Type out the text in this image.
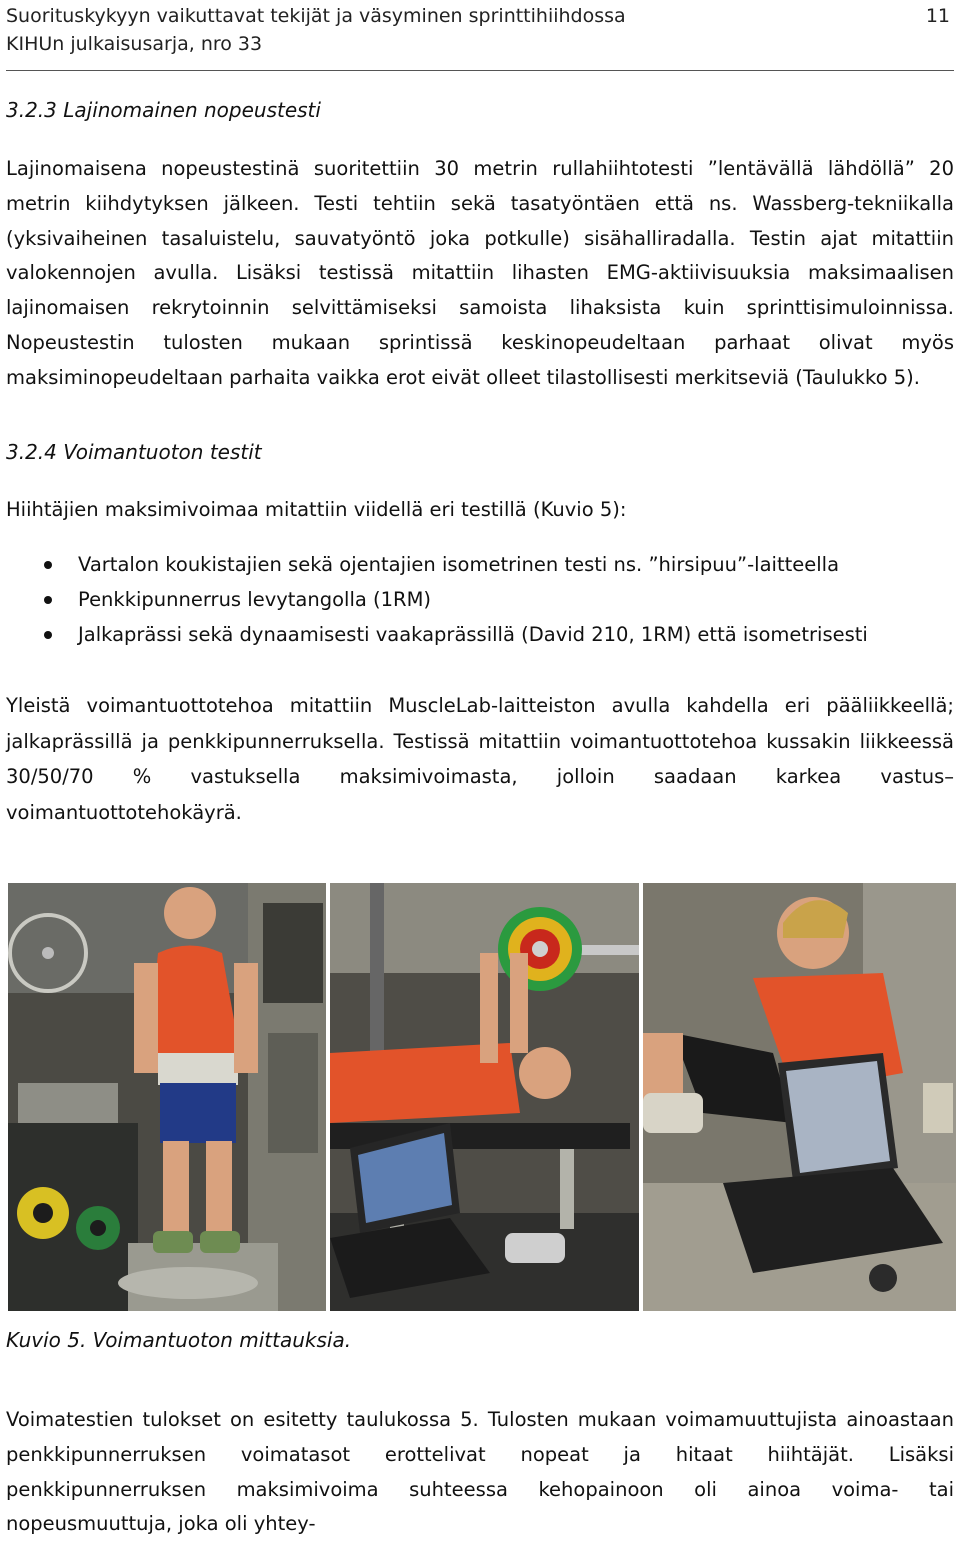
Suorituskykyyn vaikuttavat tekijät ja väsyminen sprinttihiihdossa
KIHUn julkaisusarja, nro 33
11
3.2.3 Lajinomainen nopeustesti

Lajinomaisena nopeustestinä suoritettiin 30 metrin rullahiihtotesti ”lentävällä lähdöllä” 20 metrin kiihdytyksen jälkeen. Testi tehtiin sekä tasatyöntäen että ns. Wassberg-tekniikalla (yksivaiheinen tasaluistelu, sauvatyöntö joka potkulle) sisähalliradalla. Testin ajat mitattiin valokennojen avulla. Lisäksi testissä mitattiin lihasten EMG-aktiivisuuksia maksimaalisen lajinomaisen rekrytoinnin selvittämiseksi samoista lihaksista kuin sprinttisimuloinnissa. Nopeustestin tulosten mukaan sprintissä keskinopeudeltaan parhaat olivat myös maksiminopeudeltaan parhaita vaikka erot eivät olleet tilastollisesti merkitseviä (Taulukko 5).

3.2.4 Voimantuoton testit

Hiihtäjien maksimivoimaa mitattiin viidellä eri testillä (Kuvio 5):

Vartalon koukistajien sekä ojentajien isometrinen testi ns. ”hirsipuu”-laitteella
Penkkipunnerrus levytangolla (1RM)
Jalkaprässi sekä dynaamisesti vaakaprässillä (David 210, 1RM) että isometrisesti

Yleistä voimantuottotehoa mitattiin MuscleLab-laitteiston avulla kahdella eri pääliikkeellä; jalkaprässillä ja penkkipunnerruksella. Testissä mitattiin voimantuottotehoa kussakin liikkeessä 30/50/70 % vastuksella maksimivoimasta, jolloin saadaan karkea vastus–voimantuottotehokäyrä.

Kuvio 5. Voimantuoton mittauksia.

Voimatestien tulokset on esitetty taulukossa 5. Tulosten mukaan voimamuuttujista ainoastaan penkkipunnerruksen voimatasot erottelivat nopeat ja hitaat hiihtäjät. Lisäksi penkkipunnerruksen maksimivoima suhteessa kehopainoon oli ainoa voima- tai nopeusmuuttuja, joka oli yhtey-
